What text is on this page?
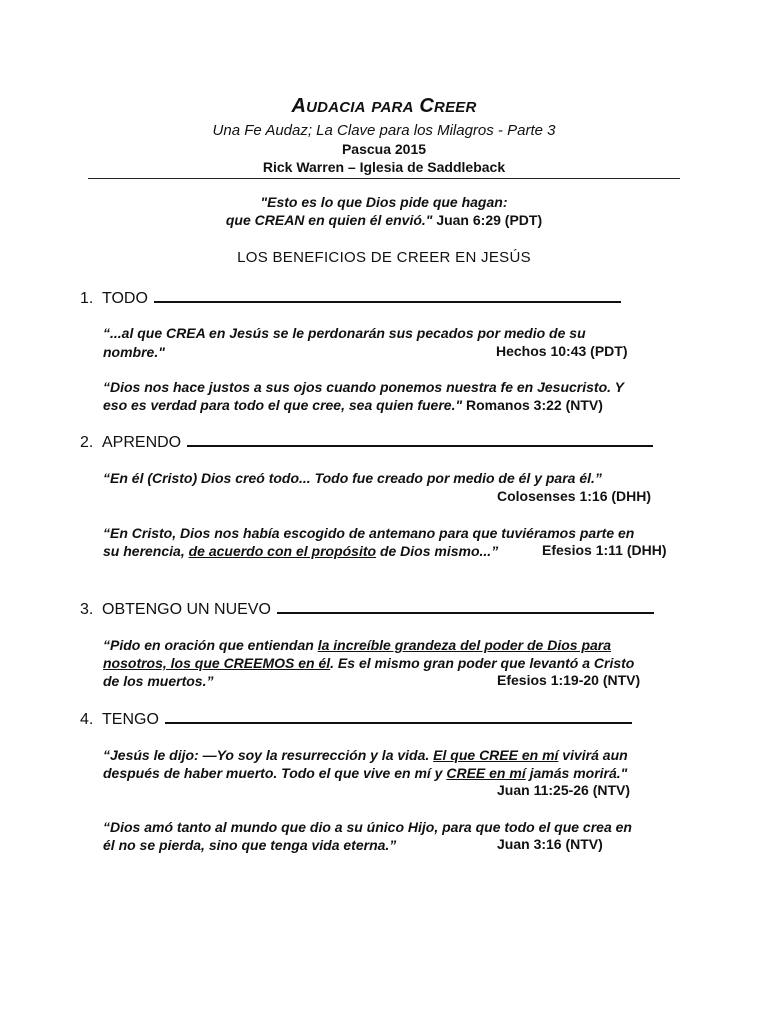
AUDACIA PARA CREER
Una Fe Audaz; La Clave para los Milagros - Parte 3
Pascua 2015
Rick Warren – Iglesia de Saddleback
"Esto es lo que Dios pide que hagan:
que CREAN en quien él envió." Juan 6:29 (PDT)
LOS BENEFICIOS DE CREER EN JESÚS
1. TODO
“...al que CREA en Jesús se le perdonarán sus pecados por medio de su
nombre."	Hechos 10:43 (PDT)
“Dios nos hace justos a sus ojos cuando ponemos nuestra fe en Jesucristo. Y
eso es verdad para todo el que cree, sea quien fuere." Romanos 3:22 (NTV)
2. APRENDO
“En él (Cristo) Dios creó todo... Todo fue creado por medio de él y para él.”
Colosenses 1:16 (DHH)
“En Cristo, Dios nos había escogido de antemano para que tuviéramos parte en
su herencia, de acuerdo con el propósito de Dios mismo...”	Efesios 1:11 (DHH)
3. OBTENGO UN NUEVO
“Pido en oración que entiendan la increíble grandeza del poder de Dios para
nosotros, los que CREEMOS en él. Es el mismo gran poder que levantó a Cristo
de los muertos.”	Efesios 1:19-20 (NTV)
4. TENGO
“Jesús le dijo: —Yo soy la resurrección y la vida. El que CREE en mí vivirá aun
después de haber muerto. Todo el que vive en mí y CREE en mí jamás morirá."
Juan 11:25-26 (NTV)
“Dios amó tanto al mundo que dio a su único Hijo, para que todo el que crea en
él no se pierda, sino que tenga vida eterna.”	Juan 3:16 (NTV)
